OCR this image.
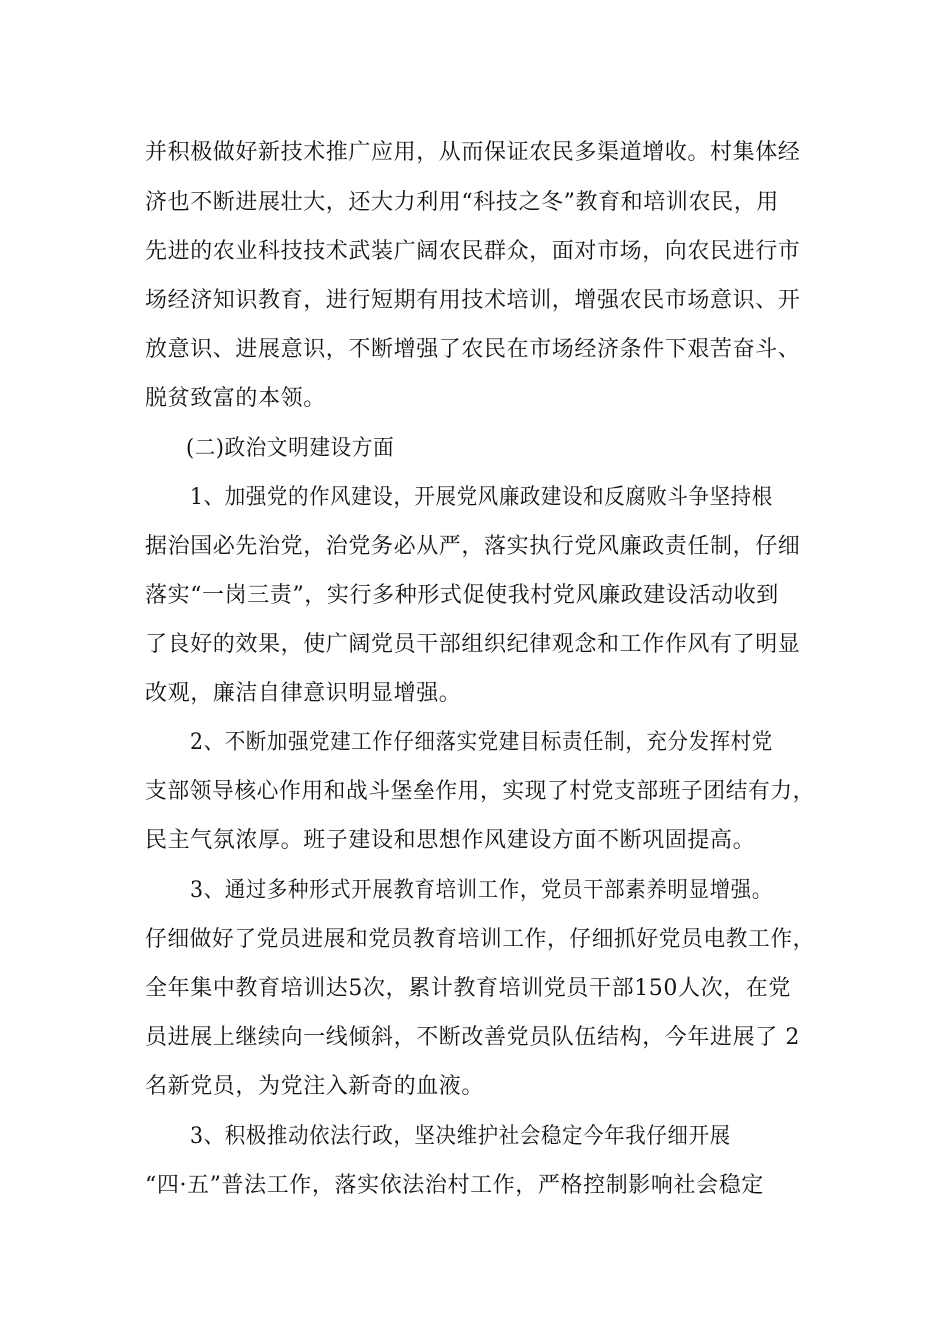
并积极做好新技术推广应用，从而保证农民多渠道增收。村集体经
济也不断进展壮大，还大力利用“科技之冬”教育和培训农民，用
先进的农业科技技术武装广阔农民群众，面对市场，向农民进行市
场经济知识教育，进行短期有用技术培训，增强农民市场意识、开
放意识、进展意识，不断增强了农民在市场经济条件下艰苦奋斗、
脱贫致富的本领。
(二)政治文明建设方面
1、加强党的作风建设，开展党风廉政建设和反腐败斗争坚持根
据治国必先治党，治党务必从严，落实执行党风廉政责任制，仔细
落实“一岗三责”，实行多种形式促使我村党风廉政建设活动收到
了良好的效果，使广阔党员干部组织纪律观念和工作作风有了明显
改观，廉洁自律意识明显增强。
2、不断加强党建工作仔细落实党建目标责任制，充分发挥村党
支部领导核心作用和战斗堡垒作用，实现了村党支部班子团结有力，
民主气氛浓厚。班子建设和思想作风建设方面不断巩固提高。
3、通过多种形式开展教育培训工作，党员干部素养明显增强。
仔细做好了党员进展和党员教育培训工作，仔细抓好党员电教工作，
全年集中教育培训达5次，累计教育培训党员干部150人次，在党
员进展上继续向一线倾斜，不断改善党员队伍结构，今年进展了 2
名新党员，为党注入新奇的血液。
3、积极推动依法行政，坚决维护社会稳定今年我仔细开展
“四·五”普法工作，落实依法治村工作，严格控制影响社会稳定
